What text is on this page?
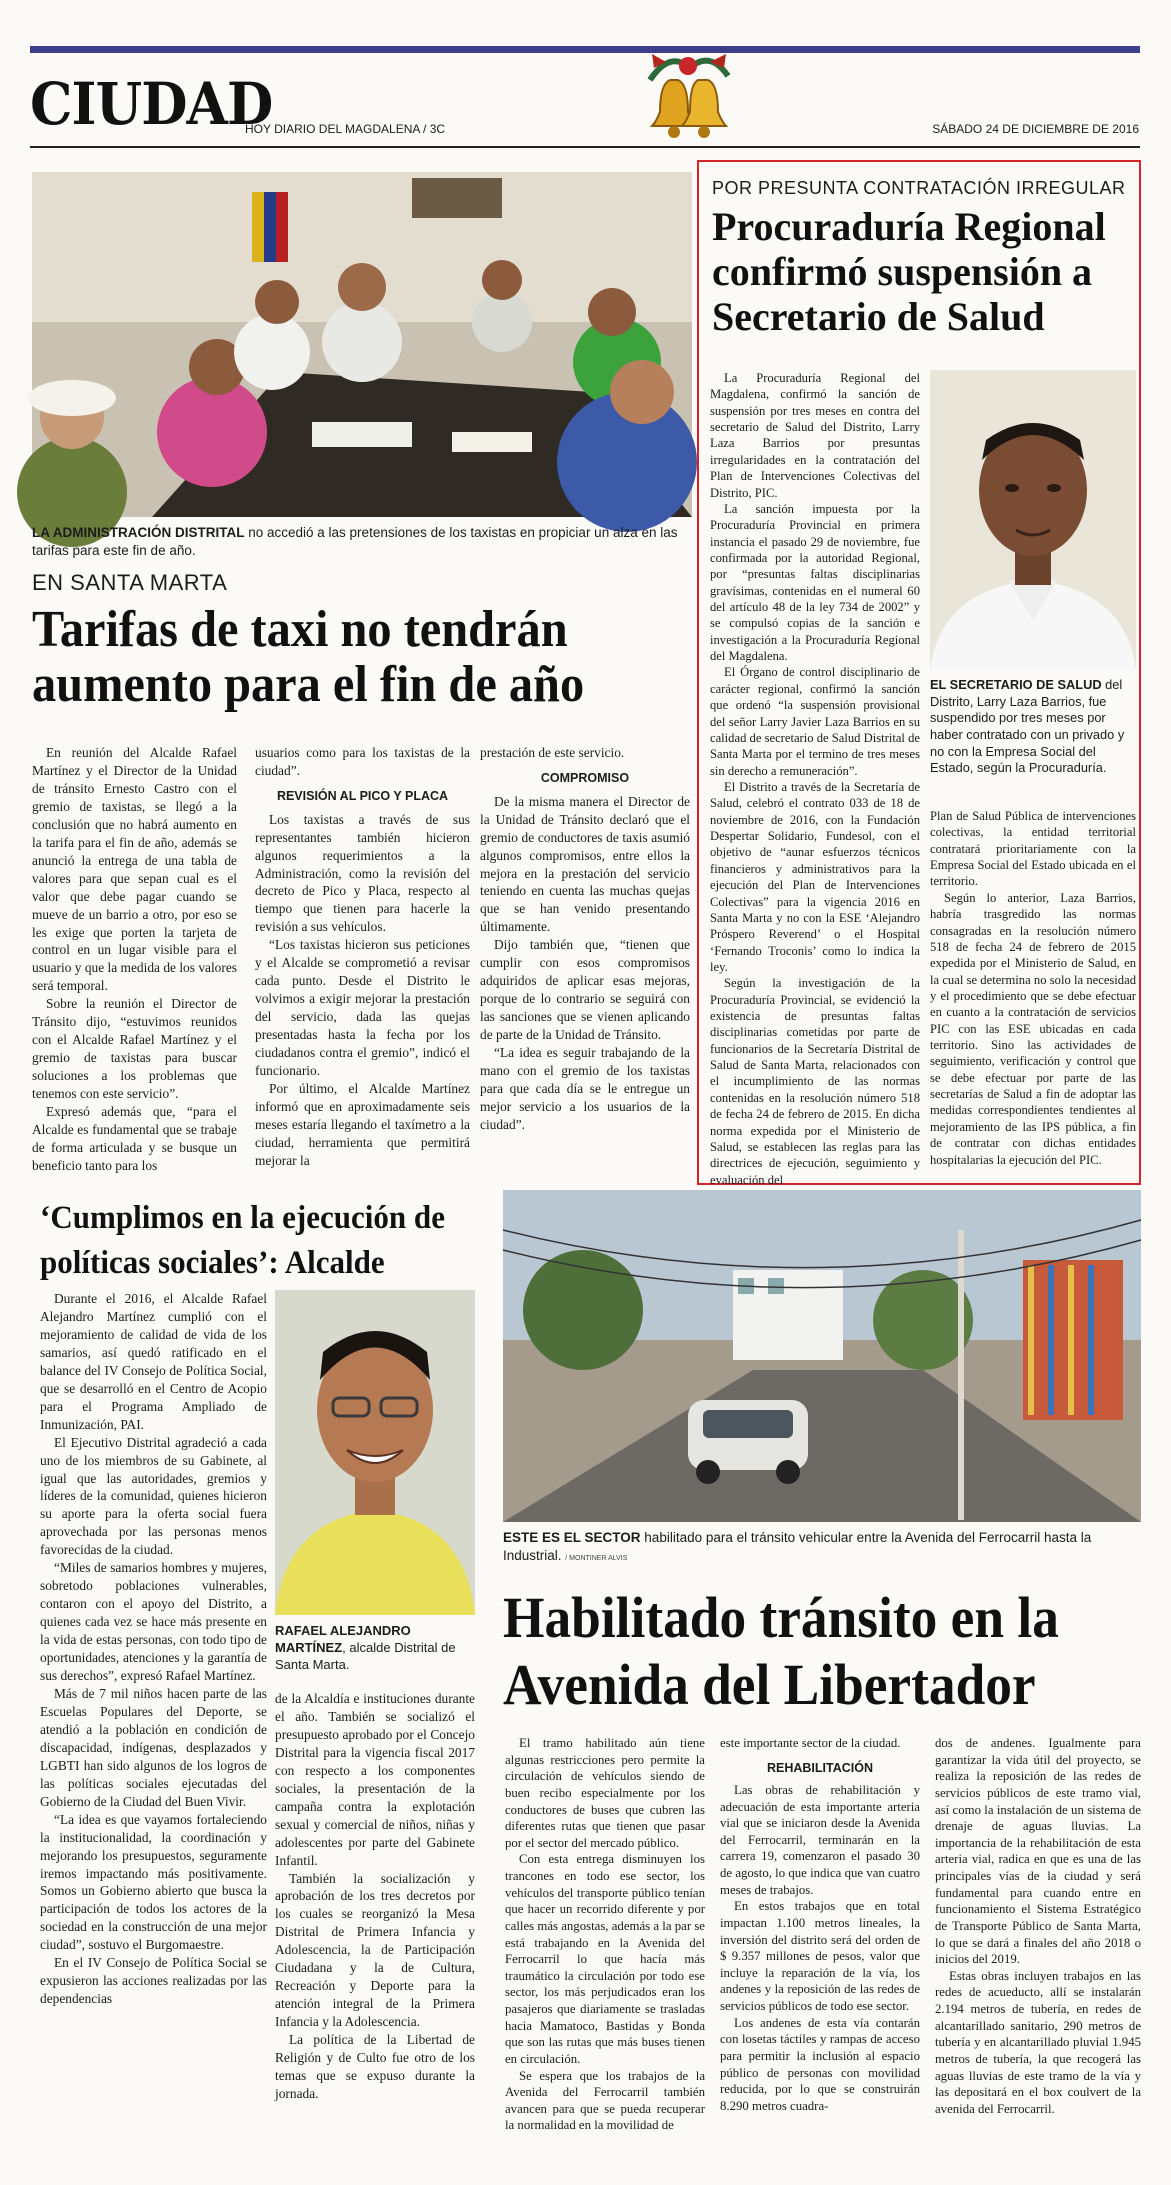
CIUDAD
HOY DIARIO DEL MAGDALENA / 3C	SÁBADO 24 DE DICIEMBRE DE 2016
LA ADMINISTRACIÓN DISTRITAL no accedió a las pretensiones de los taxistas en propiciar un alza en las tarifas para este fin de año.
EN SANTA MARTA
Tarifas de taxi no tendrán aumento para el fin de año

En reunión del Alcalde Rafael Martínez y el Director de la Unidad de tránsito Ernesto Castro con el gremio de taxistas, se llegó a la conclusión que no habrá aumento en la tarifa para el fin de año, además se anunció la entrega de una tabla de valores para que sepan cual es el valor que debe pagar cuando se mueve de un barrio a otro, por eso se les exige que porten la tarjeta de control en un lugar visible para el usuario y que la medida de los valores será temporal.

Sobre la reunión el Director de Tránsito dijo, “estuvimos reunidos con el Alcalde Rafael Martínez y el gremio de taxistas para buscar soluciones a los problemas que tenemos con este servicio”.

Expresó además que, “para el Alcalde es fundamental que se trabaje de forma articulada y se busque un beneficio tanto para los

usuarios como para los taxistas de la ciudad”.

REVISIÓN AL PICO Y PLACA

Los taxistas a través de sus representantes también hicieron algunos requerimientos a la Administración, como la revisión del decreto de Pico y Placa, respecto al tiempo que tienen para hacerle la revisión a sus vehículos.

“Los taxistas hicieron sus peticiones y el Alcalde se comprometió a revisar cada punto. Desde el Distrito le volvimos a exigir mejorar la prestación del servicio, dada las quejas presentadas hasta la fecha por los ciudadanos contra el gremio”, indicó el funcionario.

Por último, el Alcalde Martínez informó que en aproximadamente seis meses estaría llegando el taxímetro a la ciudad, herramienta que permitirá mejorar la

prestación de este servicio.

COMPROMISO

De la misma manera el Director de la Unidad de Tránsito declaró que el gremio de conductores de taxis asumió algunos compromisos, entre ellos la mejora en la prestación del servicio teniendo en cuenta las muchas quejas que se han venido presentando últimamente.

Dijo también que, “tienen que cumplir con esos compromisos adquiridos de aplicar esas mejoras, porque de lo contrario se seguirá con las sanciones que se vienen aplicando de parte de la Unidad de Tránsito.

“La idea es seguir trabajando de la mano con el gremio de los taxistas para que cada día se le entregue un mejor servicio a los usuarios de la ciudad”.

POR PRESUNTA CONTRATACIÓN IRREGULAR
Procuraduría Regional confirmó suspensión a Secretario de Salud

La Procuraduría Regional del Magdalena, confirmó la sanción de suspensión por tres meses en contra del secretario de Salud del Distrito, Larry Laza Barrios por presuntas irregularidades en la contratación del Plan de Intervenciones Colectivas del Distrito, PIC.

La sanción impuesta por la Procuraduría Provincial en primera instancia el pasado 29 de noviembre, fue confirmada por la autoridad Regional, por “presuntas faltas disciplinarias gravísimas, contenidas en el numeral 60 del artículo 48 de la ley 734 de 2002” y se compulsó copias de la sanción e investigación a la Procuraduría Regional del Magdalena.

El Órgano de control disciplinario de carácter regional, confirmó la sanción que ordenó “la suspensión provisional del señor Larry Javier Laza Barrios en su calidad de secretario de Salud Distrital de Santa Marta por el termino de tres meses sin derecho a remuneración”.

El Distrito a través de la Secretaría de Salud, celebró el contrato 033 de 18 de noviembre de 2016, con la Fundación Despertar Solidario, Fundesol, con el objetivo de “aunar esfuerzos técnicos financieros y administrativos para la ejecución del Plan de Intervenciones Colectivas” para la vigencia 2016 en Santa Marta y no con la ESE ‘Alejandro Próspero Reverend’ o el Hospital ‘Fernando Troconis’ como lo indica la ley.

Según la investigación de la Procuraduría Provincial, se evidenció la existencia de presuntas faltas disciplinarias cometidas por parte de funcionarios de la Secretaría Distrital de Salud de Santa Marta, relacionados con el incumplimiento de las normas contenidas en la resolución número 518 de fecha 24 de febrero de 2015. En dicha norma expedida por el Ministerio de Salud, se establecen las reglas para las directrices de ejecución, seguimiento y evaluación del

EL SECRETARIO DE SALUD del Distrito, Larry Laza Barrios, fue suspendido por tres meses por haber contratado con un privado y no con la Empresa Social del Estado, según la Procuraduría.

Plan de Salud Pública de intervenciones colectivas, la entidad territorial contratará prioritariamente con la Empresa Social del Estado ubicada en el territorio.

Según lo anterior, Laza Barrios, habría trasgredido las normas consagradas en la resolución número 518 de fecha 24 de febrero de 2015 expedida por el Ministerio de Salud, en la cual se determina no solo la necesidad y el procedimiento que se debe efectuar en cuanto a la contratación de servicios PIC con las ESE ubicadas en cada territorio. Sino las actividades de seguimiento, verificación y control que se debe efectuar por parte de las secretarías de Salud a fin de adoptar las medidas correspondientes tendientes al mejoramiento de las IPS pública, a fin de contratar con dichas entidades hospitalarias la ejecución del PIC.

‘Cumplimos en la ejecución de políticas sociales’: Alcalde

Durante el 2016, el Alcalde Rafael Alejandro Martínez cumplió con el mejoramiento de calidad de vida de los samarios, así quedó ratificado en el balance del IV Consejo de Política Social, que se desarrolló en el Centro de Acopio para el Programa Ampliado de Inmunización, PAI.

El Ejecutivo Distrital agradeció a cada uno de los miembros de su Gabinete, al igual que las autoridades, gremios y líderes de la comunidad, quienes hicieron su aporte para la oferta social fuera aprovechada por las personas menos favorecidas de la ciudad.

“Miles de samarios hombres y mujeres, sobretodo poblaciones vulnerables, contaron con el apoyo del Distrito, a quienes cada vez se hace más presente en la vida de estas personas, con todo tipo de oportunidades, atenciones y la garantía de sus derechos”, expresó Rafael Martínez.

Más de 7 mil niños hacen parte de las Escuelas Populares del Deporte, se atendió a la población en condición de discapacidad, indígenas, desplazados y LGBTI han sido algunos de los logros de las políticas sociales ejecutadas del Gobierno de la Ciudad del Buen Vivir.

“La idea es que vayamos fortaleciendo la institucionalidad, la coordinación y mejorando los presupuestos, seguramente iremos impactando más positivamente. Somos un Gobierno abierto que busca la participación de todos los actores de la sociedad en la construcción de una mejor ciudad”, sostuvo el Burgomaestre.

En el IV Consejo de Política Social se expusieron las acciones realizadas por las dependencias

RAFAEL ALEJANDRO MARTÍNEZ, alcalde Distrital de Santa Marta.

de la Alcaldía e instituciones durante el año. También se socializó el presupuesto aprobado por el Concejo Distrital para la vigencia fiscal 2017 con respecto a los componentes sociales, la presentación de la campaña contra la explotación sexual y comercial de niños, niñas y adolescentes por parte del Gabinete Infantil.

También la socialización y aprobación de los tres decretos por los cuales se reorganizó la Mesa Distrital de Primera Infancia y Adolescencia, la de Participación Ciudadana y la de Cultura, Recreación y Deporte para la atención integral de la Primera Infancia y la Adolescencia.

La política de la Libertad de Religión y de Culto fue otro de los temas que se expuso durante la jornada.

ESTE ES EL SECTOR habilitado para el tránsito vehicular entre la Avenida del Ferrocarril hasta la Industrial. / MONTINER ALVIS
Habilitado tránsito en la Avenida del Libertador

El tramo habilitado aún tiene algunas restricciones pero permite la circulación de vehículos siendo de buen recibo especialmente por los conductores de buses que cubren las diferentes rutas que tienen que pasar por el sector del mercado público.

Con esta entrega disminuyen los trancones en todo ese sector, los vehículos del transporte público tenían que hacer un recorrido diferente y por calles más angostas, además a la par se está trabajando en la Avenida del Ferrocarril lo que hacía más traumático la circulación por todo ese sector, los más perjudicados eran los pasajeros que diariamente se trasladas hacia Mamatoco, Bastidas y Bonda que son las rutas que más buses tienen en circulación.

Se espera que los trabajos de la Avenida del Ferrocarril también avancen para que se pueda recuperar la normalidad en la movilidad de

este importante sector de la ciudad.

REHABILITACIÓN

Las obras de rehabilitación y adecuación de esta importante arteria vial que se iniciaron desde la Avenida del Ferrocarril, terminarán en la carrera 19, comenzaron el pasado 30 de agosto, lo que indica que van cuatro meses de trabajos.

En estos trabajos que en total impactan 1.100 metros lineales, la inversión del distrito será del orden de $ 9.357 millones de pesos, valor que incluye la reparación de la vía, los andenes y la reposición de las redes de servicios públicos de todo ese sector.

Los andenes de esta vía contarán con losetas táctiles y rampas de acceso para permitir la inclusión al espacio público de personas con movilidad reducida, por lo que se construirán 8.290 metros cuadra-

dos de andenes. Igualmente para garantizar la vida útil del proyecto, se realiza la reposición de las redes de servicios públicos de este tramo vial, así como la instalación de un sistema de drenaje de aguas lluvias. La importancia de la rehabilitación de esta arteria vial, radica en que es una de las principales vías de la ciudad y será fundamental para cuando entre en funcionamiento el Sistema Estratégico de Transporte Público de Santa Marta, lo que se dará a finales del año 2018 o inicios del 2019.

Estas obras incluyen trabajos en las redes de acueducto, allí se instalarán 2.194 metros de tubería, en redes de alcantarillado sanitario, 290 metros de tubería y en alcantarillado pluvial 1.945 metros de tubería, la que recogerá las aguas lluvias de este tramo de la vía y las depositará en el box coulvert de la avenida del Ferrocarril.
